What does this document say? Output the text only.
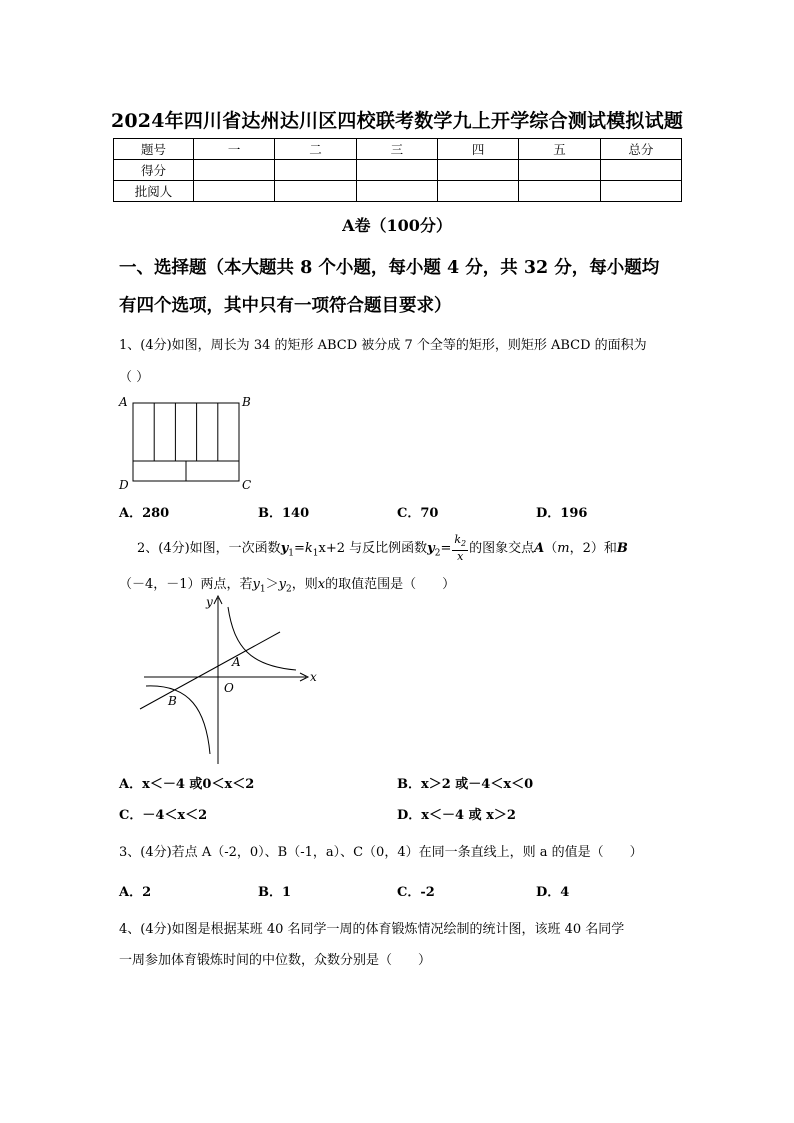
2024年四川省达州达川区四校联考数学九上开学综合测试模拟试题
题号	一	二	三	四	五	总分
得分						
批阅人						
A卷（100分）
一、选择题（本大题共 8 个小题，每小题 4 分，共 32 分，每小题均
有四个选项，其中只有一项符合题目要求）
1、(4分)如图，周长为 34 的矩形 ABCD 被分成 7 个全等的矩形，则矩形 ABCD 的面积为
（ ）
A	B
C
D
A．280	B．140	C．70	D．196
2、(4分)如图，一次函数$y_1=k_1x+2$ 与反比例函数$y_2= \frac{k_2}{x}$ 的图象交点A（m，2）和B
（－4，－1）两点，若$y_1>y_2$，则x的取值范围是（　　）
y
x
A
B
O
A．x＜－4 或0＜x＜2	B．x＞2 或－4＜x＜0
C．－4＜x＜2	D．x＜－4 或 x＞2
3、(4分)若点 A（-2，0）、B（-1，a）、C（0，4）在同一条直线上，则 a 的值是（　　）
A．2	B．1	C．-2	D．4
4、(4分)如图是根据某班 40 名同学一周的体育锻炼情况绘制的统计图，该班 40 名同学
一周参加体育锻炼时间的中位数，众数分别是（　　）
